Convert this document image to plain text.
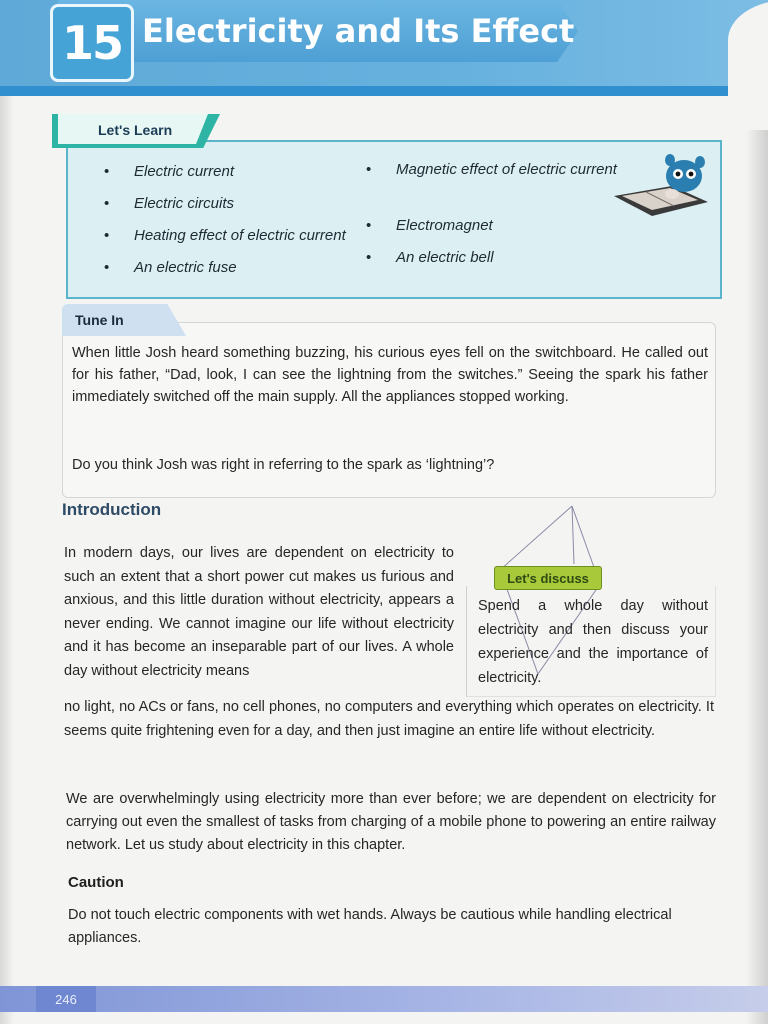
15 Electricity and Its Effect
Let's Learn
• Electric current
• Electric circuits
• Heating effect of electric current
• An electric fuse
• Magnetic effect of electric current
• Electromagnet
• An electric bell
Tune In

When little Josh heard something buzzing, his curious eyes fell on the switchboard. He called out for his father, “Dad, look, I can see the lightning from the switches.” Seeing the spark his father immediately switched off the main supply. All the appliances stopped working.

Do you think Josh was right in referring to the spark as ‘lightning’?

Introduction

In modern days, our lives are dependent on electricity to such an extent that a short power cut makes us furious and anxious, and this little duration without electricity, appears a never ending. We cannot imagine our life without electricity and it has become an inseparable part of our lives. A whole day without electricity means

no light, no ACs or fans, no cell phones, no computers and everything which operates on electricity. It seems quite frightening even for a day, and then just imagine an entire life without electricity.

We are overwhelmingly using electricity more than ever before; we are dependent on electricity for carrying out even the smallest of tasks from charging of a mobile phone to powering an entire railway network. Let us study about electricity in this chapter.

Let's discuss

Spend a whole day without electricity and then discuss your experience and the importance of electricity.

Caution

Do not touch electric components with wet hands. Always be cautious while handling electrical appliances.

246
